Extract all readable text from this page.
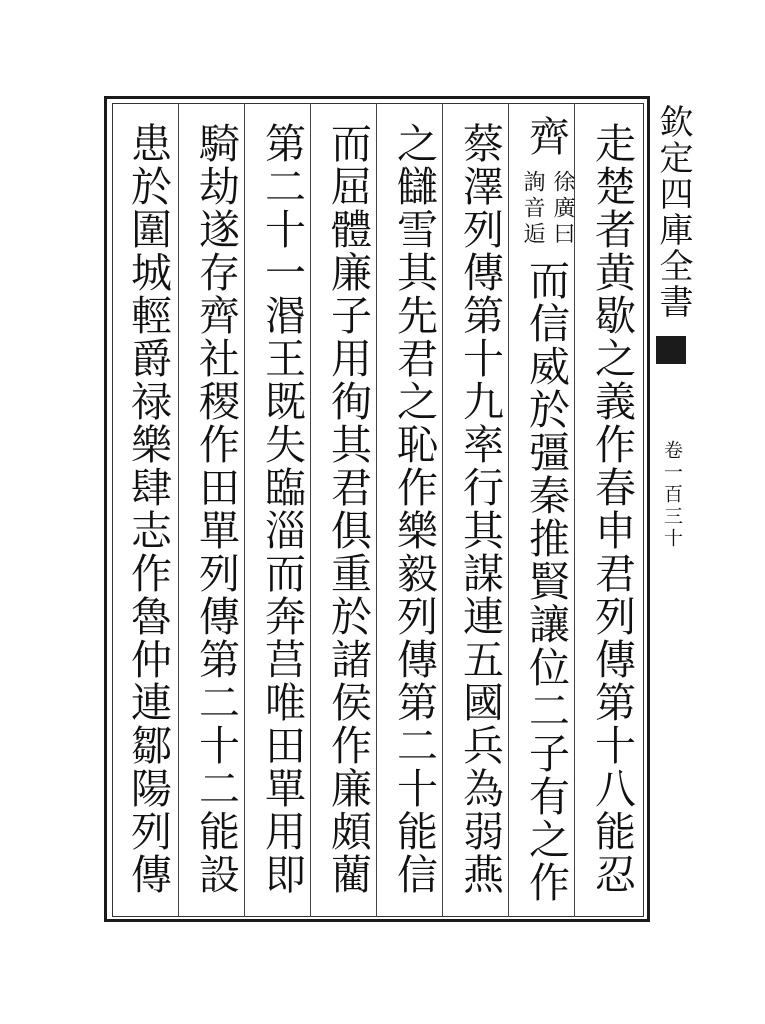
欽定四庫全書
卷一百三十
走楚者黄歇之義作春申君列傳第十八能忍
齊
徐廣曰
詢音逅
而信威於彊秦推賢讓位二子有之作
蔡澤列傳第十九率行其謀連五國兵為弱燕
之讎雪其先君之恥作樂毅列傳第二十能信
而屈體廉子用徇其君俱重於諸侯作廉頗藺
第二十一湣王既失臨淄而奔莒唯田單用即
騎劫遂存齊社稷作田單列傳第二十二能設
患於圍城輕爵禄樂肆志作魯仲連鄒陽列傳
